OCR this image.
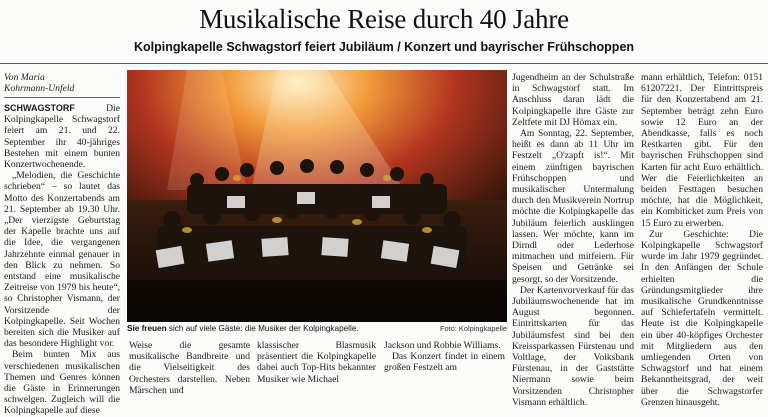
Musikalische Reise durch 40 Jahre
Kolpingkapelle Schwagstorf feiert Jubiläum / Konzert und bayrischer Frühschoppen
Von Maria
Kohrmann-Unfeld

SCHWAGSTORF Die Kolpingkapelle Schwagstorf feiert am 21. und 22. September ihr 40-jähriges Bestehen mit einem bunten Konzertwochenende.

„Melodien, die Geschichte schrieben“ – so lautet das Motto des Konzertabends am 21. September ab 19.30 Uhr. „Der vierzigste Geburtstag der Kapelle brachte uns auf die Idee, die vergangenen Jahrzehnte einmal genauer in den Blick zu nehmen. So entstand eine musikalische Zeitreise von 1979 bis heute“, so Christopher Vismann, der Vorsitzende der Kolpingkapelle. Seit Wochen bereiten sich die Musiker auf das besondere Highlight vor.

Beim bunten Mix aus verschiedenen musikalischen Themen und Genres können die Gäste in Erinnerungen schwelgen. Zugleich will die Kolpingkapelle auf diese

Sie freuen sich auf viele Gäste: die Musiker der Kolpingkapelle.	Foto: Kolpingkapelle

Weise die gesamte musikalische Bandbreite und die Vielseitigkeit des Orchesters darstellen. Neben Märschen und

klassischer Blasmusik präsentiert die Kolpingkapelle dabei auch Top-Hits bekannter Musiker wie Michael

Jackson und Robbie Williams.

Das Konzert findet in einem großen Festzelt am

Jugendheim an der Schulstraße in Schwagstorf statt. Im Anschluss daran lädt die Kolpingkapelle ihre Gäste zur Zeltfete mit DJ Hömax ein.

Am Sonntag, 22. September, heißt es dann ab 11 Uhr im Festzelt „O'zapft is!“. Mit einem zünftigen bayrischen Frühschoppen und musikalischer Untermalung durch den Musikverein Nortrup möchte die Kolpingkapelle das Jubiläum feierlich ausklingen lassen. Wer möchte, kann im Dirndl oder Lederhose mitmachen und mitfeiern. Für Speisen und Getränke sei gesorgt, so der Vorsitzende.

Der Kartenvorverkauf für das Jubiläumswochenende hat im August begonnen. Eintrittskarten für das Jubiläumsfest sind bei den Kreissparkassen Fürstenau und Voltlage, der Volksbank Fürstenau, in der Gaststätte Niermann sowie beim Vorsitzenden Christopher Vismann erhältlich.

mann erhältlich, Telefon: 0151 61207221. Der Eintrittspreis für den Konzertabend am 21. September beträgt zehn Euro sowie 12 Euro an der Abendkasse, falls es noch Restkarten gibt. Für den bayrischen Frühschoppen sind Karten für acht Euro erhältlich. Wer die Feierlichkeiten an beiden Festtagen besuchen möchte, hat die Möglichkeit, ein Kombiticket zum Preis von 15 Euro zu erwerben.

Zur Geschichte: Die Kolpingkapelle Schwagstorf wurde im Jahr 1979 gegründet. In den Anfängen der Schule erhielten die Gründungsmitglieder ihre musikalische Grundkenntnisse auf Schiefertafeln vermittelt. Heute ist die Kolpingkapelle ein über 40-köpfiges Orchester mit Mitgliedern aus den umliegenden Orten von Schwagstorf und hat einem Bekanntheitsgrad, der weit über die Schwagstorfer Grenzen hinausgeht.
